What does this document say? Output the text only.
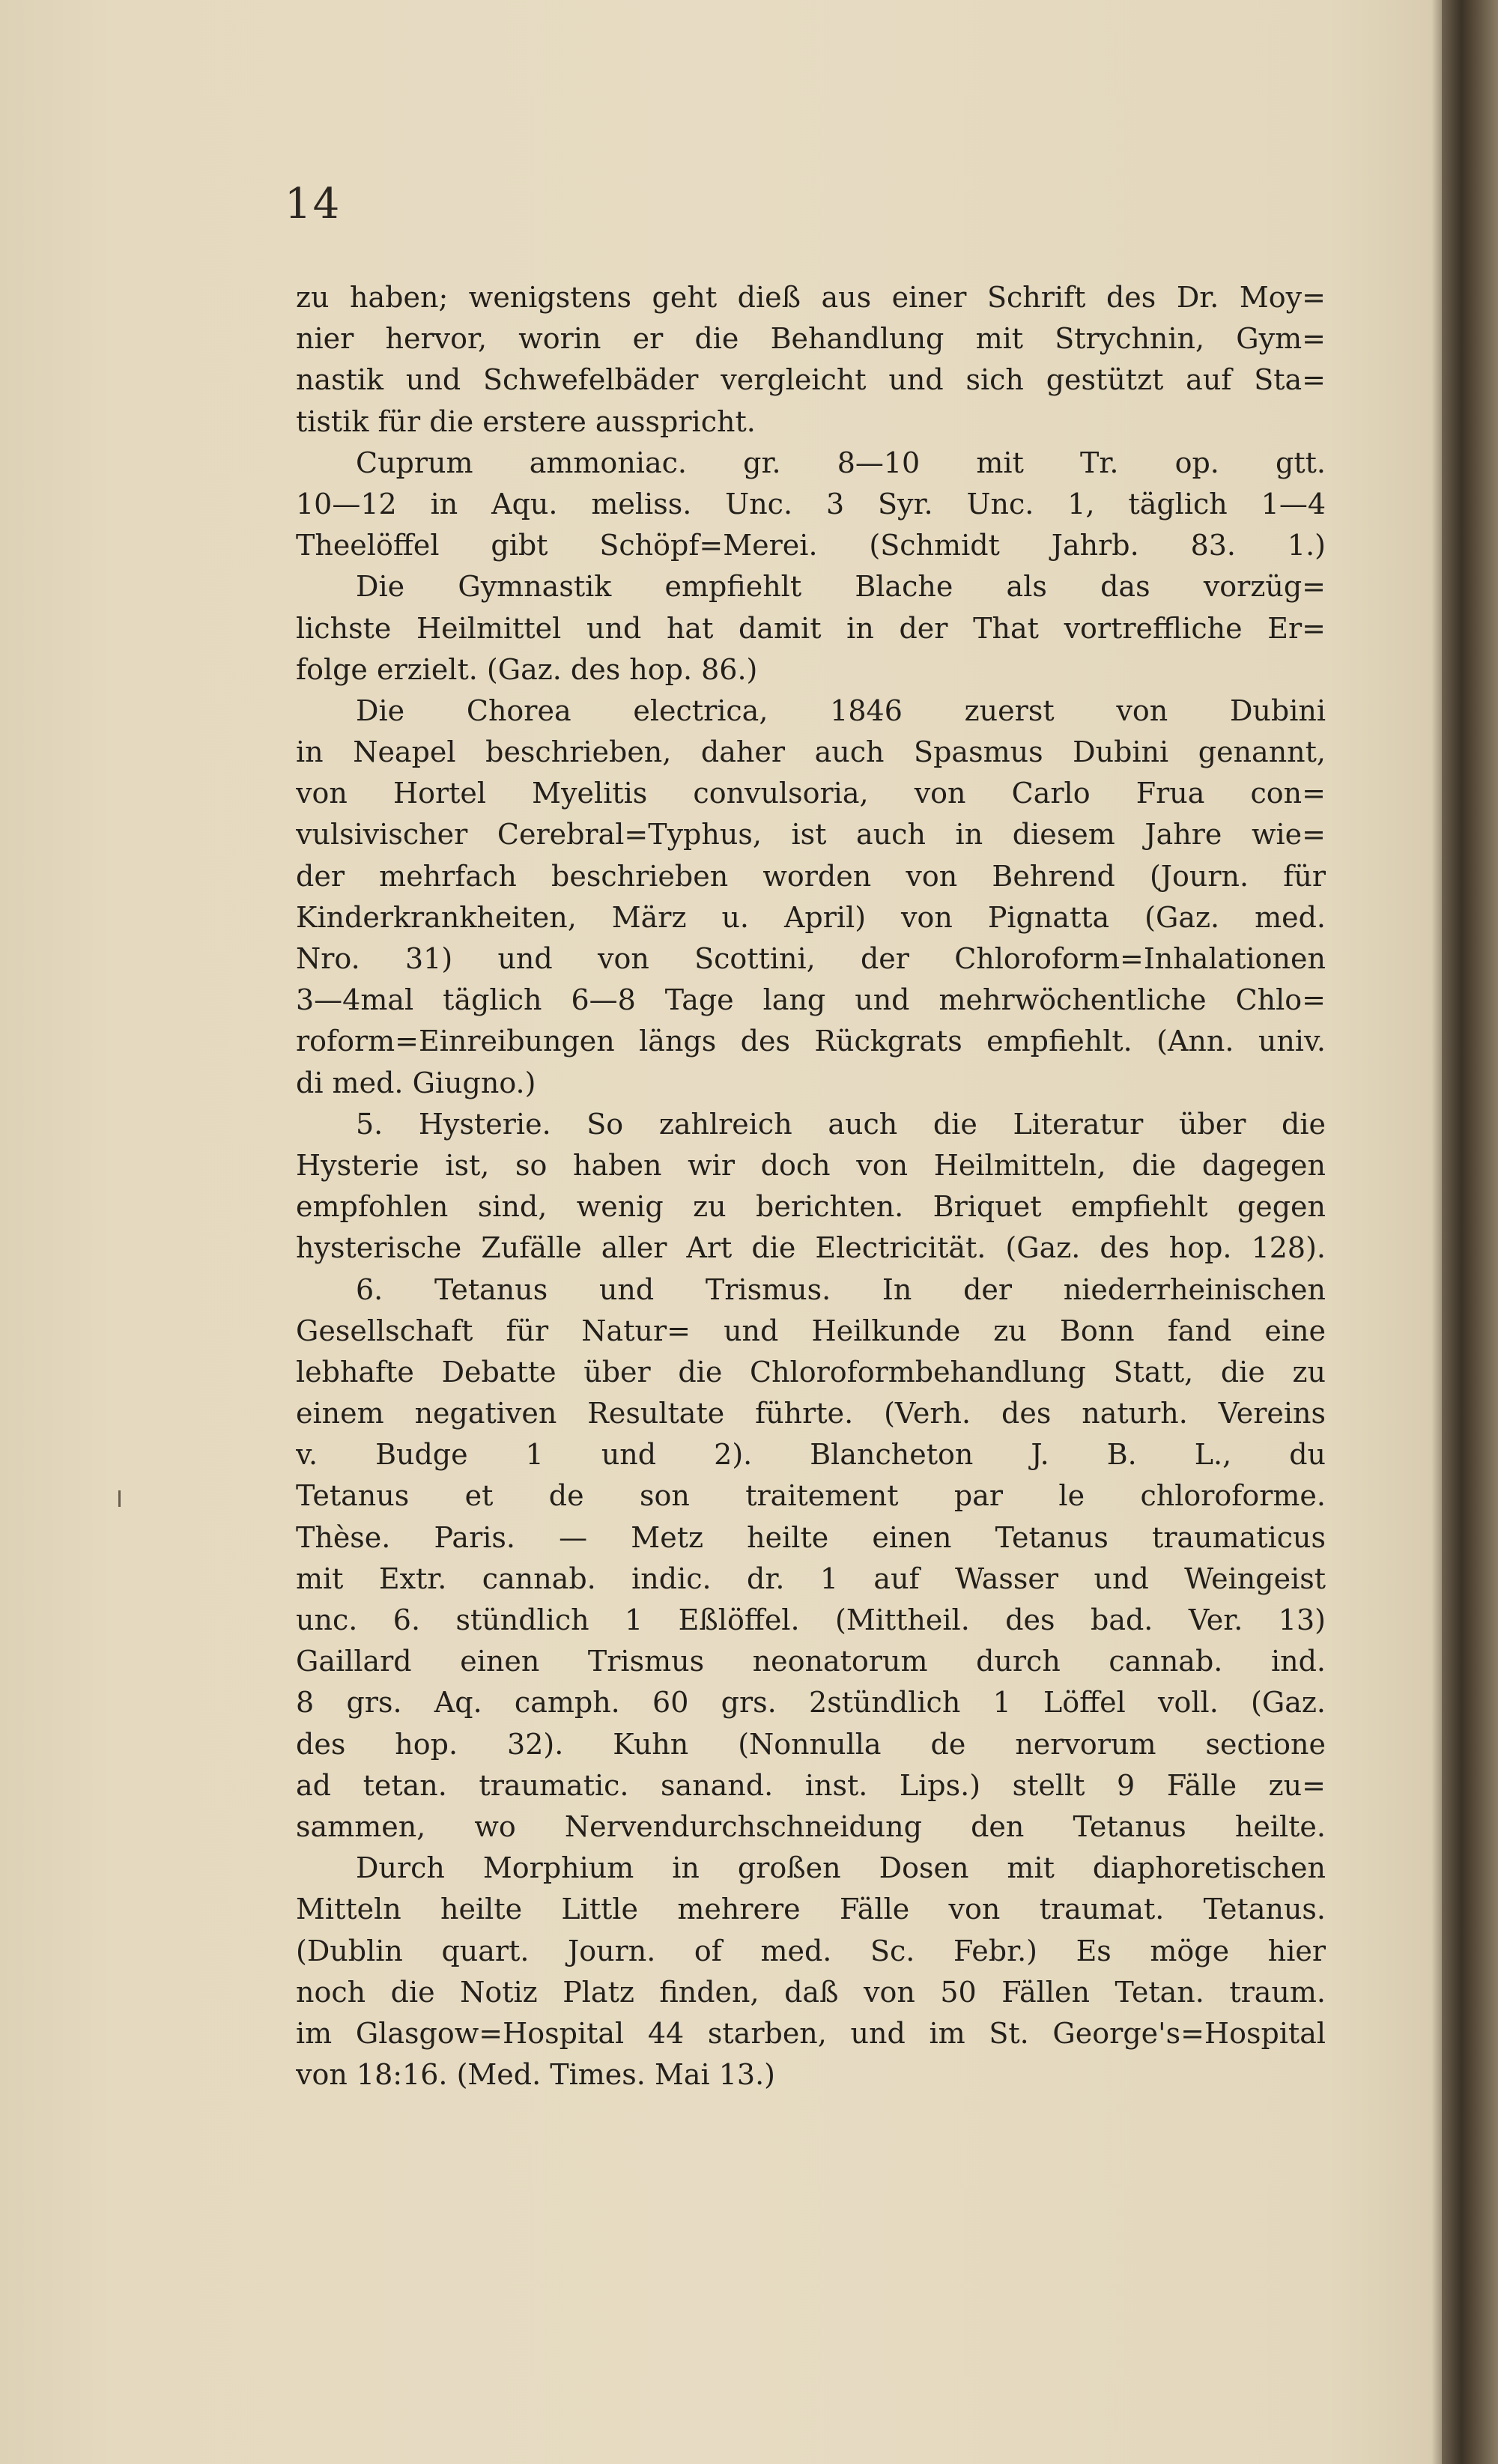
14
zu haben; wenigstens geht dieß aus einer Schrift des Dr. Moy=
nier hervor, worin er die Behandlung mit Strychnin, Gym=
nastik und Schwefelbäder vergleicht und sich gestützt auf Sta=
tistik für die erstere ausspricht.
Cuprum ammoniac. gr. 8—10 mit Tr. op. gtt.
10—12 in Aqu. meliss. Unc. 3 Syr. Unc. 1, täglich 1—4
Theelöffel gibt Schöpf=Merei. (Schmidt Jahrb. 83. 1.)
Die Gymnastik empfiehlt Blache als das vorzüg=
lichste Heilmittel und hat damit in der That vortreffliche Er=
folge erzielt. (Gaz. des hop. 86.)
Die Chorea electrica, 1846 zuerst von Dubini
in Neapel beschrieben, daher auch Spasmus Dubini genannt,
von Hortel Myelitis convulsoria, von Carlo Frua con=
vulsivischer Cerebral=Typhus, ist auch in diesem Jahre wie=
der mehrfach beschrieben worden von Behrend (Journ. für
Kinderkrankheiten, März u. April) von Pignatta (Gaz. med.
Nro. 31) und von Scottini, der Chloroform=Inhalationen
3—4mal täglich 6—8 Tage lang und mehrwöchentliche Chlo=
roform=Einreibungen längs des Rückgrats empfiehlt. (Ann. univ.
di med. Giugno.)
5. Hysterie. So zahlreich auch die Literatur über die
Hysterie ist, so haben wir doch von Heilmitteln, die dagegen
empfohlen sind, wenig zu berichten. Briquet empfiehlt gegen
hysterische Zufälle aller Art die Electricität. (Gaz. des hop. 128).
6. Tetanus und Trismus. In der niederrheinischen
Gesellschaft für Natur= und Heilkunde zu Bonn fand eine
lebhafte Debatte über die Chloroformbehandlung Statt, die zu
einem negativen Resultate führte. (Verh. des naturh. Vereins
v. Budge 1 und 2). Blancheton J. B. L., du
Tetanus et de son traitement par le chloroforme.
Thèse. Paris. — Metz heilte einen Tetanus traumaticus
mit Extr. cannab. indic. dr. 1 auf Wasser und Weingeist
unc. 6. stündlich 1 Eßlöffel. (Mittheil. des bad. Ver. 13)
Gaillard einen Trismus neonatorum durch cannab. ind.
8 grs. Aq. camph. 60 grs. 2stündlich 1 Löffel voll. (Gaz.
des hop. 32). Kuhn (Nonnulla de nervorum sectione
ad tetan. traumatic. sanand. inst. Lips.) stellt 9 Fälle zu=
sammen, wo Nervendurchschneidung den Tetanus heilte.
Durch Morphium in großen Dosen mit diaphoretischen
Mitteln heilte Little mehrere Fälle von traumat. Tetanus.
(Dublin quart. Journ. of med. Sc. Febr.) Es möge hier
noch die Notiz Platz finden, daß von 50 Fällen Tetan. traum.
im Glasgow=Hospital 44 starben, und im St. George's=Hospital
von 18:16. (Med. Times. Mai 13.)
